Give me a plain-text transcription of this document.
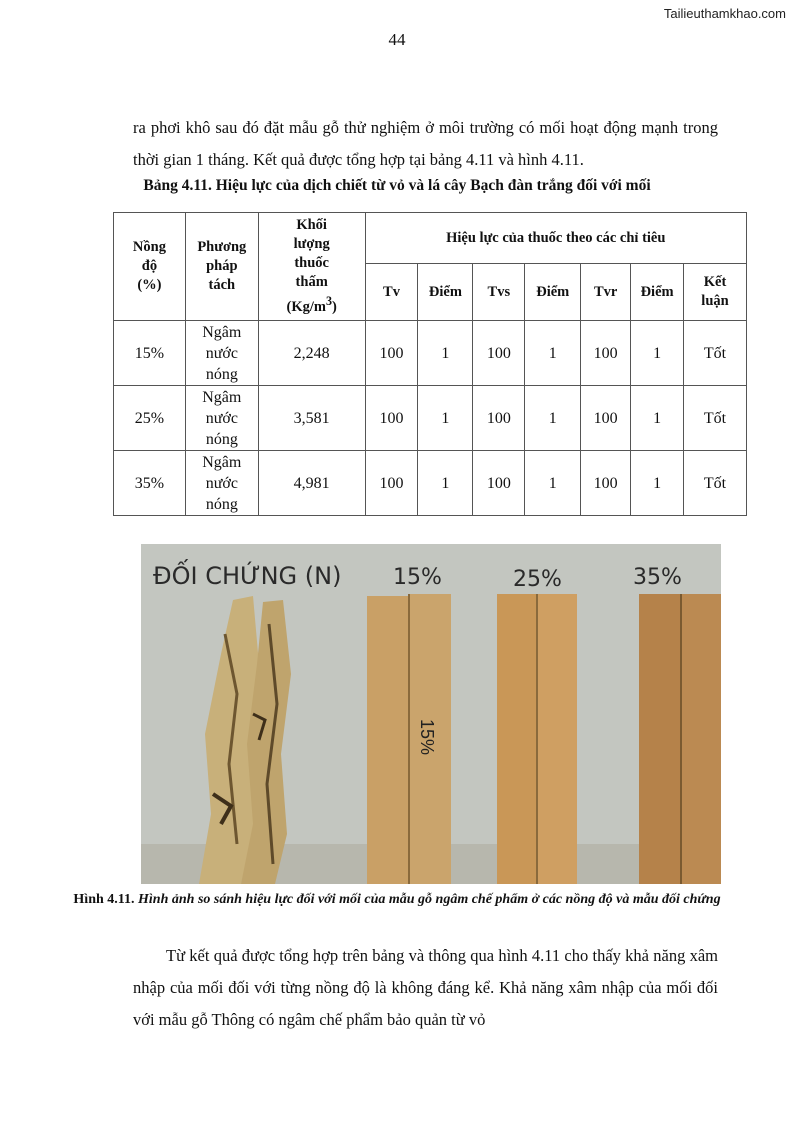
Tailieuthamkhao.com
44

ra phơi khô sau đó đặt mẫu gỗ thử nghiệm ở môi trường có mối hoạt động mạnh trong thời gian 1 tháng. Kết quả được tổng hợp tại bảng 4.11 và hình 4.11.

Bảng 4.11. Hiệu lực của dịch chiết từ vỏ và lá cây Bạch đàn trắng đối với mối
Nồng
độ
(%)	Phương
pháp
tách	Khối
lượng
thuốc
thấm
$(Kg/m^3)$	Hiệu lực của thuốc theo các chỉ tiêu						
			Tv	Điểm	Tvs	Điểm	Tvr	Điểm	Kết
luận
15%	Ngâm
nước
nóng	2,248	100	1	100	1	100	1	Tốt
25%	Ngâm
nước
nóng	3,581	100	1	100	1	100	1	Tốt
35%	Ngâm
nước
nóng	4,981	100	1	100	1	100	1	Tốt
15%
ĐỐI CHỨNG (N) 15%	25%	35%
Hình 4.11. Hình ảnh so sánh hiệu lực đối với mối của mẫu gỗ ngâm chế phẩm ở các nồng độ và mẫu đối chứng

Từ kết quả được tổng hợp trên bảng và thông qua hình 4.11 cho thấy khả năng xâm nhập của mối đối với từng nồng độ là không đáng kể. Khả năng xâm nhập của mối đối với mẫu gỗ Thông có ngâm chế phẩm bảo quản từ vỏ
